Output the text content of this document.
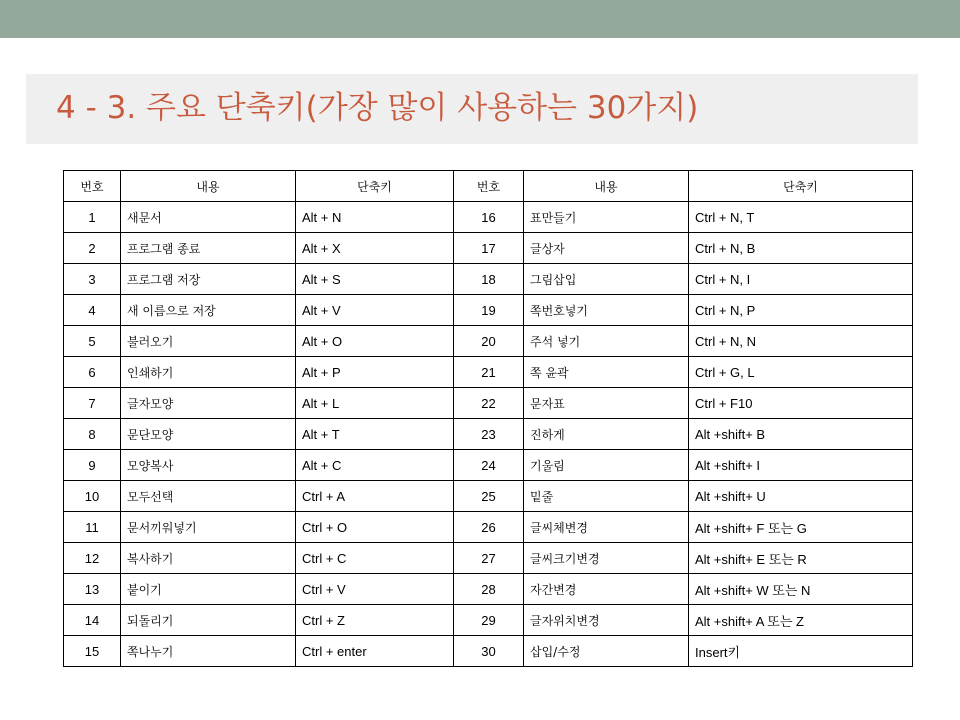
4 - 3. 주요 단축키(가장 많이 사용하는 30가지)
번호	내용	단축키	번호	내용	단축키
1	새문서	Alt + N	16	표만들기	Ctrl + N, T
2	프로그램 종료	Alt + X	17	글상자	Ctrl + N, B
3	프로그램 저장	Alt + S	18	그림삽입	Ctrl + N, I
4	새 이름으로 저장	Alt + V	19	쪽번호넣기	Ctrl + N, P
5	불러오기	Alt + O	20	주석 넣기	Ctrl + N, N
6	인쇄하기	Alt + P	21	쪽 윤곽	Ctrl + G, L
7	글자모양	Alt + L	22	문자표	Ctrl + F10
8	문단모양	Alt + T	23	진하게	Alt +shift+ B
9	모양복사	Alt + C	24	기울림	Alt +shift+ I
10	모두선택	Ctrl + A	25	밑줄	Alt +shift+ U
11	문서끼워넣기	Ctrl + O	26	글씨체변경	Alt +shift+ F 또는 G
12	복사하기	Ctrl + C	27	글씨크기변경	Alt +shift+ E 또는 R
13	붙이기	Ctrl + V	28	자간변경	Alt +shift+ W 또는 N
14	되돌리기	Ctrl + Z	29	글자위치변경	Alt +shift+ A 또는 Z
15	쪽나누기	Ctrl + enter	30	삽입/수정	Insert키
